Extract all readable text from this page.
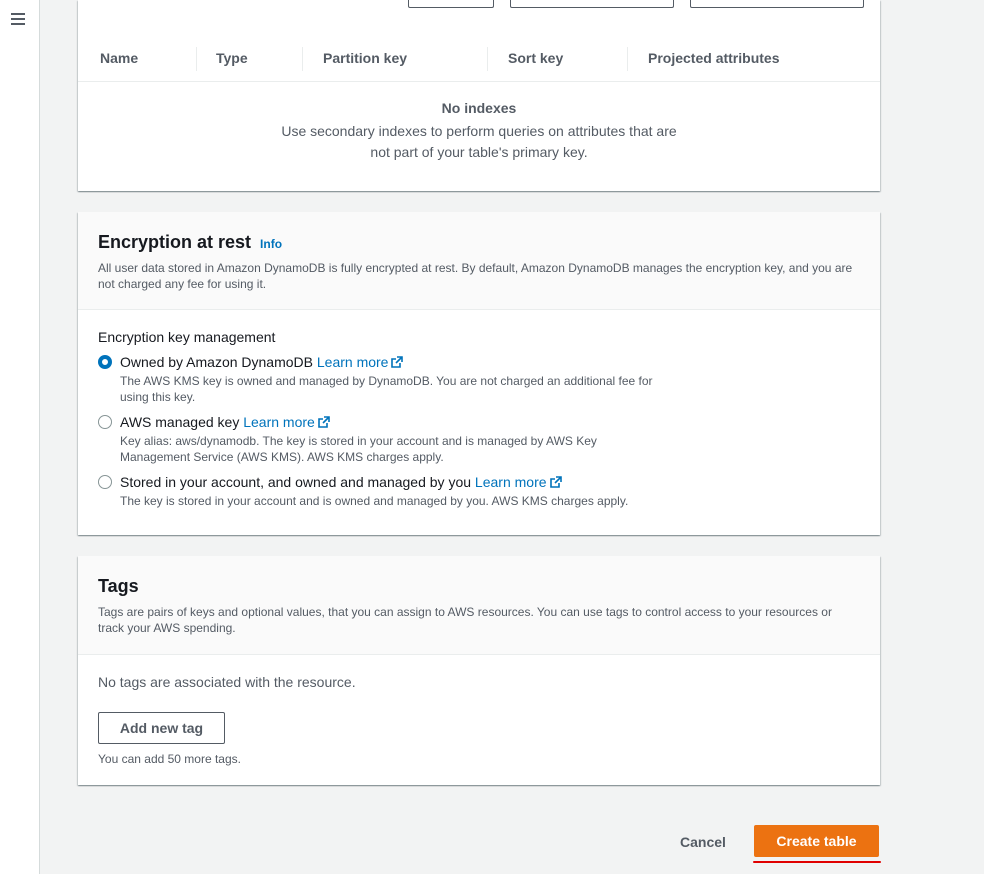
Name	Type	Partition key	Sort key	Projected attributes
No indexes
Use secondary indexes to perform queries on attributes that are not part of your table's primary key.
Encryption at rest Info
All user data stored in Amazon DynamoDB is fully encrypted at rest. By default, Amazon DynamoDB manages the encryption key, and you are not charged any fee for using it.
Encryption key management
Owned by Amazon DynamoDB Learn more
The AWS KMS key is owned and managed by DynamoDB. You are not charged an additional fee for using this key.
AWS managed key Learn more
Key alias: aws/dynamodb. The key is stored in your account and is managed by AWS Key Management Service (AWS KMS). AWS KMS charges apply.
Stored in your account, and owned and managed by you Learn more
The key is stored in your account and is owned and managed by you. AWS KMS charges apply.
Tags
Tags are pairs of keys and optional values, that you can assign to AWS resources. You can use tags to control access to your resources or track your AWS spending.
No tags are associated with the resource.
Add new tag
You can add 50 more tags.
Cancel	Create table
